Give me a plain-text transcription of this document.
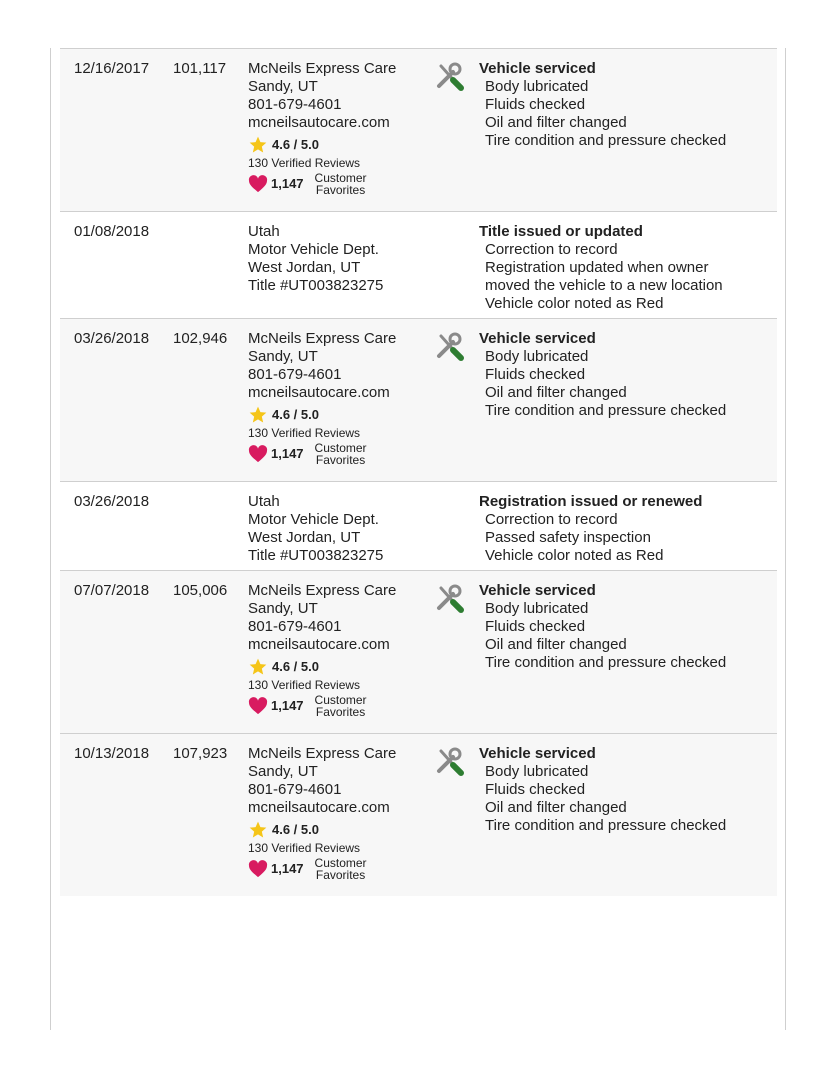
12/16/2017 101,117 McNeils Express Care
Sandy, UT
801-679-4601
mcneilsautocare.com
4.6 / 5.0
130 Verified Reviews
1,147 Customer
Favorites
Vehicle serviced
Body lubricated
Fluids checked
Oil and filter changed
Tire condition and pressure checked
01/08/2018	Utah
Motor Vehicle Dept.
West Jordan, UT
Title #UT003823275
Title issued or updated
Correction to record
Registration updated when owner
moved the vehicle to a new location
Vehicle color noted as Red
03/26/2018 102,946 McNeils Express Care
Sandy, UT
801-679-4601
mcneilsautocare.com
4.6 / 5.0
130 Verified Reviews
1,147 Customer
Favorites
Vehicle serviced
Body lubricated
Fluids checked
Oil and filter changed
Tire condition and pressure checked
03/26/2018	Utah
Motor Vehicle Dept.
West Jordan, UT
Title #UT003823275
Registration issued or renewed
Correction to record
Passed safety inspection
Vehicle color noted as Red
07/07/2018 105,006 McNeils Express Care
Sandy, UT
801-679-4601
mcneilsautocare.com
4.6 / 5.0
130 Verified Reviews
1,147 Customer
Favorites
Vehicle serviced
Body lubricated
Fluids checked
Oil and filter changed
Tire condition and pressure checked
10/13/2018 107,923 McNeils Express Care
Sandy, UT
801-679-4601
mcneilsautocare.com
4.6 / 5.0
130 Verified Reviews
1,147 Customer
Favorites
Vehicle serviced
Body lubricated
Fluids checked
Oil and filter changed
Tire condition and pressure checked
